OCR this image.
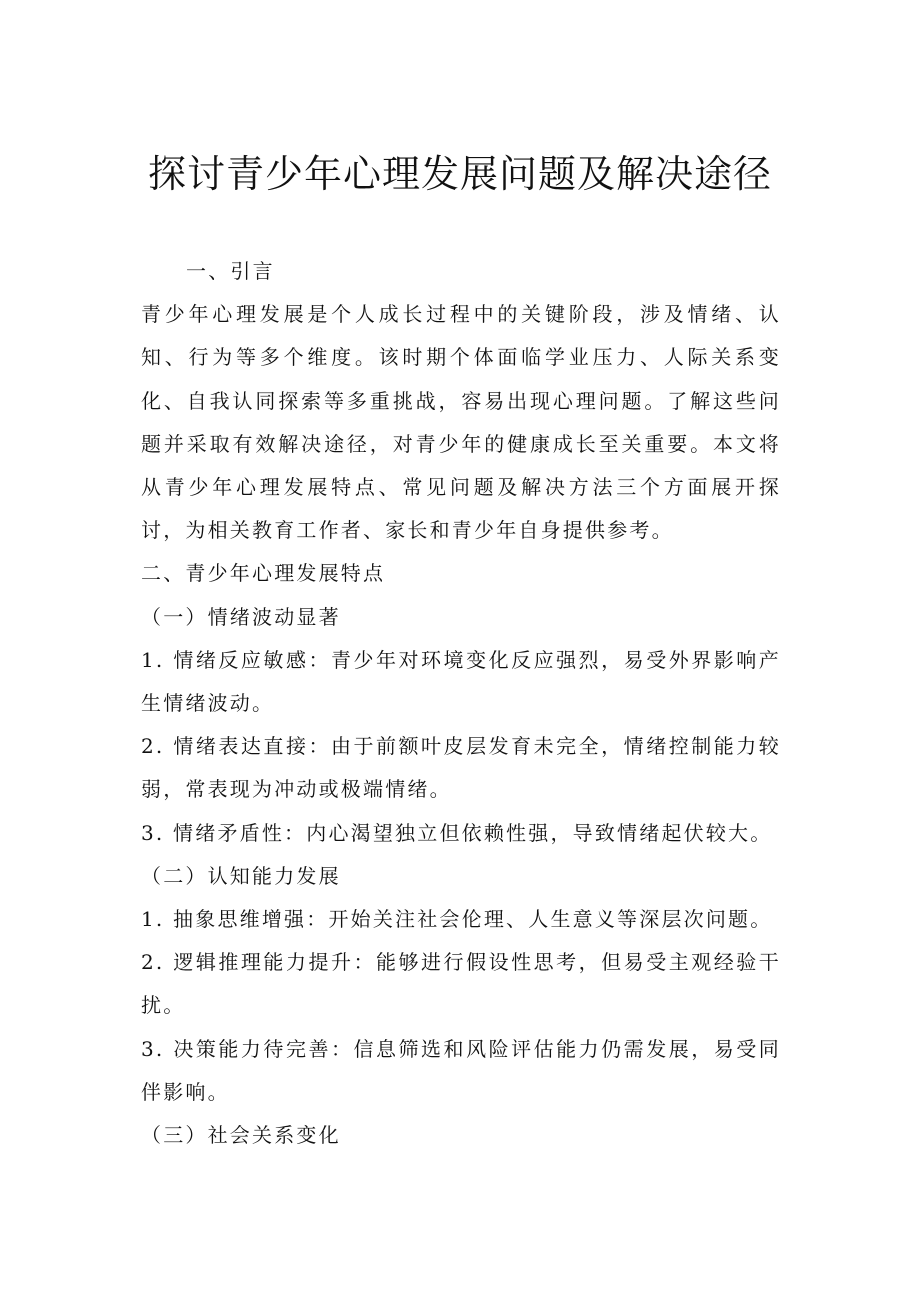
探讨青少年心理发展问题及解决途径

一、引言

青少年心理发展是个人成长过程中的关键阶段，涉及情绪、认知、行为等多个维度。该时期个体面临学业压力、人际关系变化、自我认同探索等多重挑战，容易出现心理问题。了解这些问题并采取有效解决途径，对青少年的健康成长至关重要。本文将从青少年心理发展特点、常见问题及解决方法三个方面展开探讨，为相关教育工作者、家长和青少年自身提供参考。

二、青少年心理发展特点

（一）情绪波动显著

1. 情绪反应敏感：青少年对环境变化反应强烈，易受外界影响产生情绪波动。

2. 情绪表达直接：由于前额叶皮层发育未完全，情绪控制能力较弱，常表现为冲动或极端情绪。

3. 情绪矛盾性：内心渴望独立但依赖性强，导致情绪起伏较大。

（二）认知能力发展

1. 抽象思维增强：开始关注社会伦理、人生意义等深层次问题。

2. 逻辑推理能力提升：能够进行假设性思考，但易受主观经验干扰。

3. 决策能力待完善：信息筛选和风险评估能力仍需发展，易受同伴影响。

（三）社会关系变化
